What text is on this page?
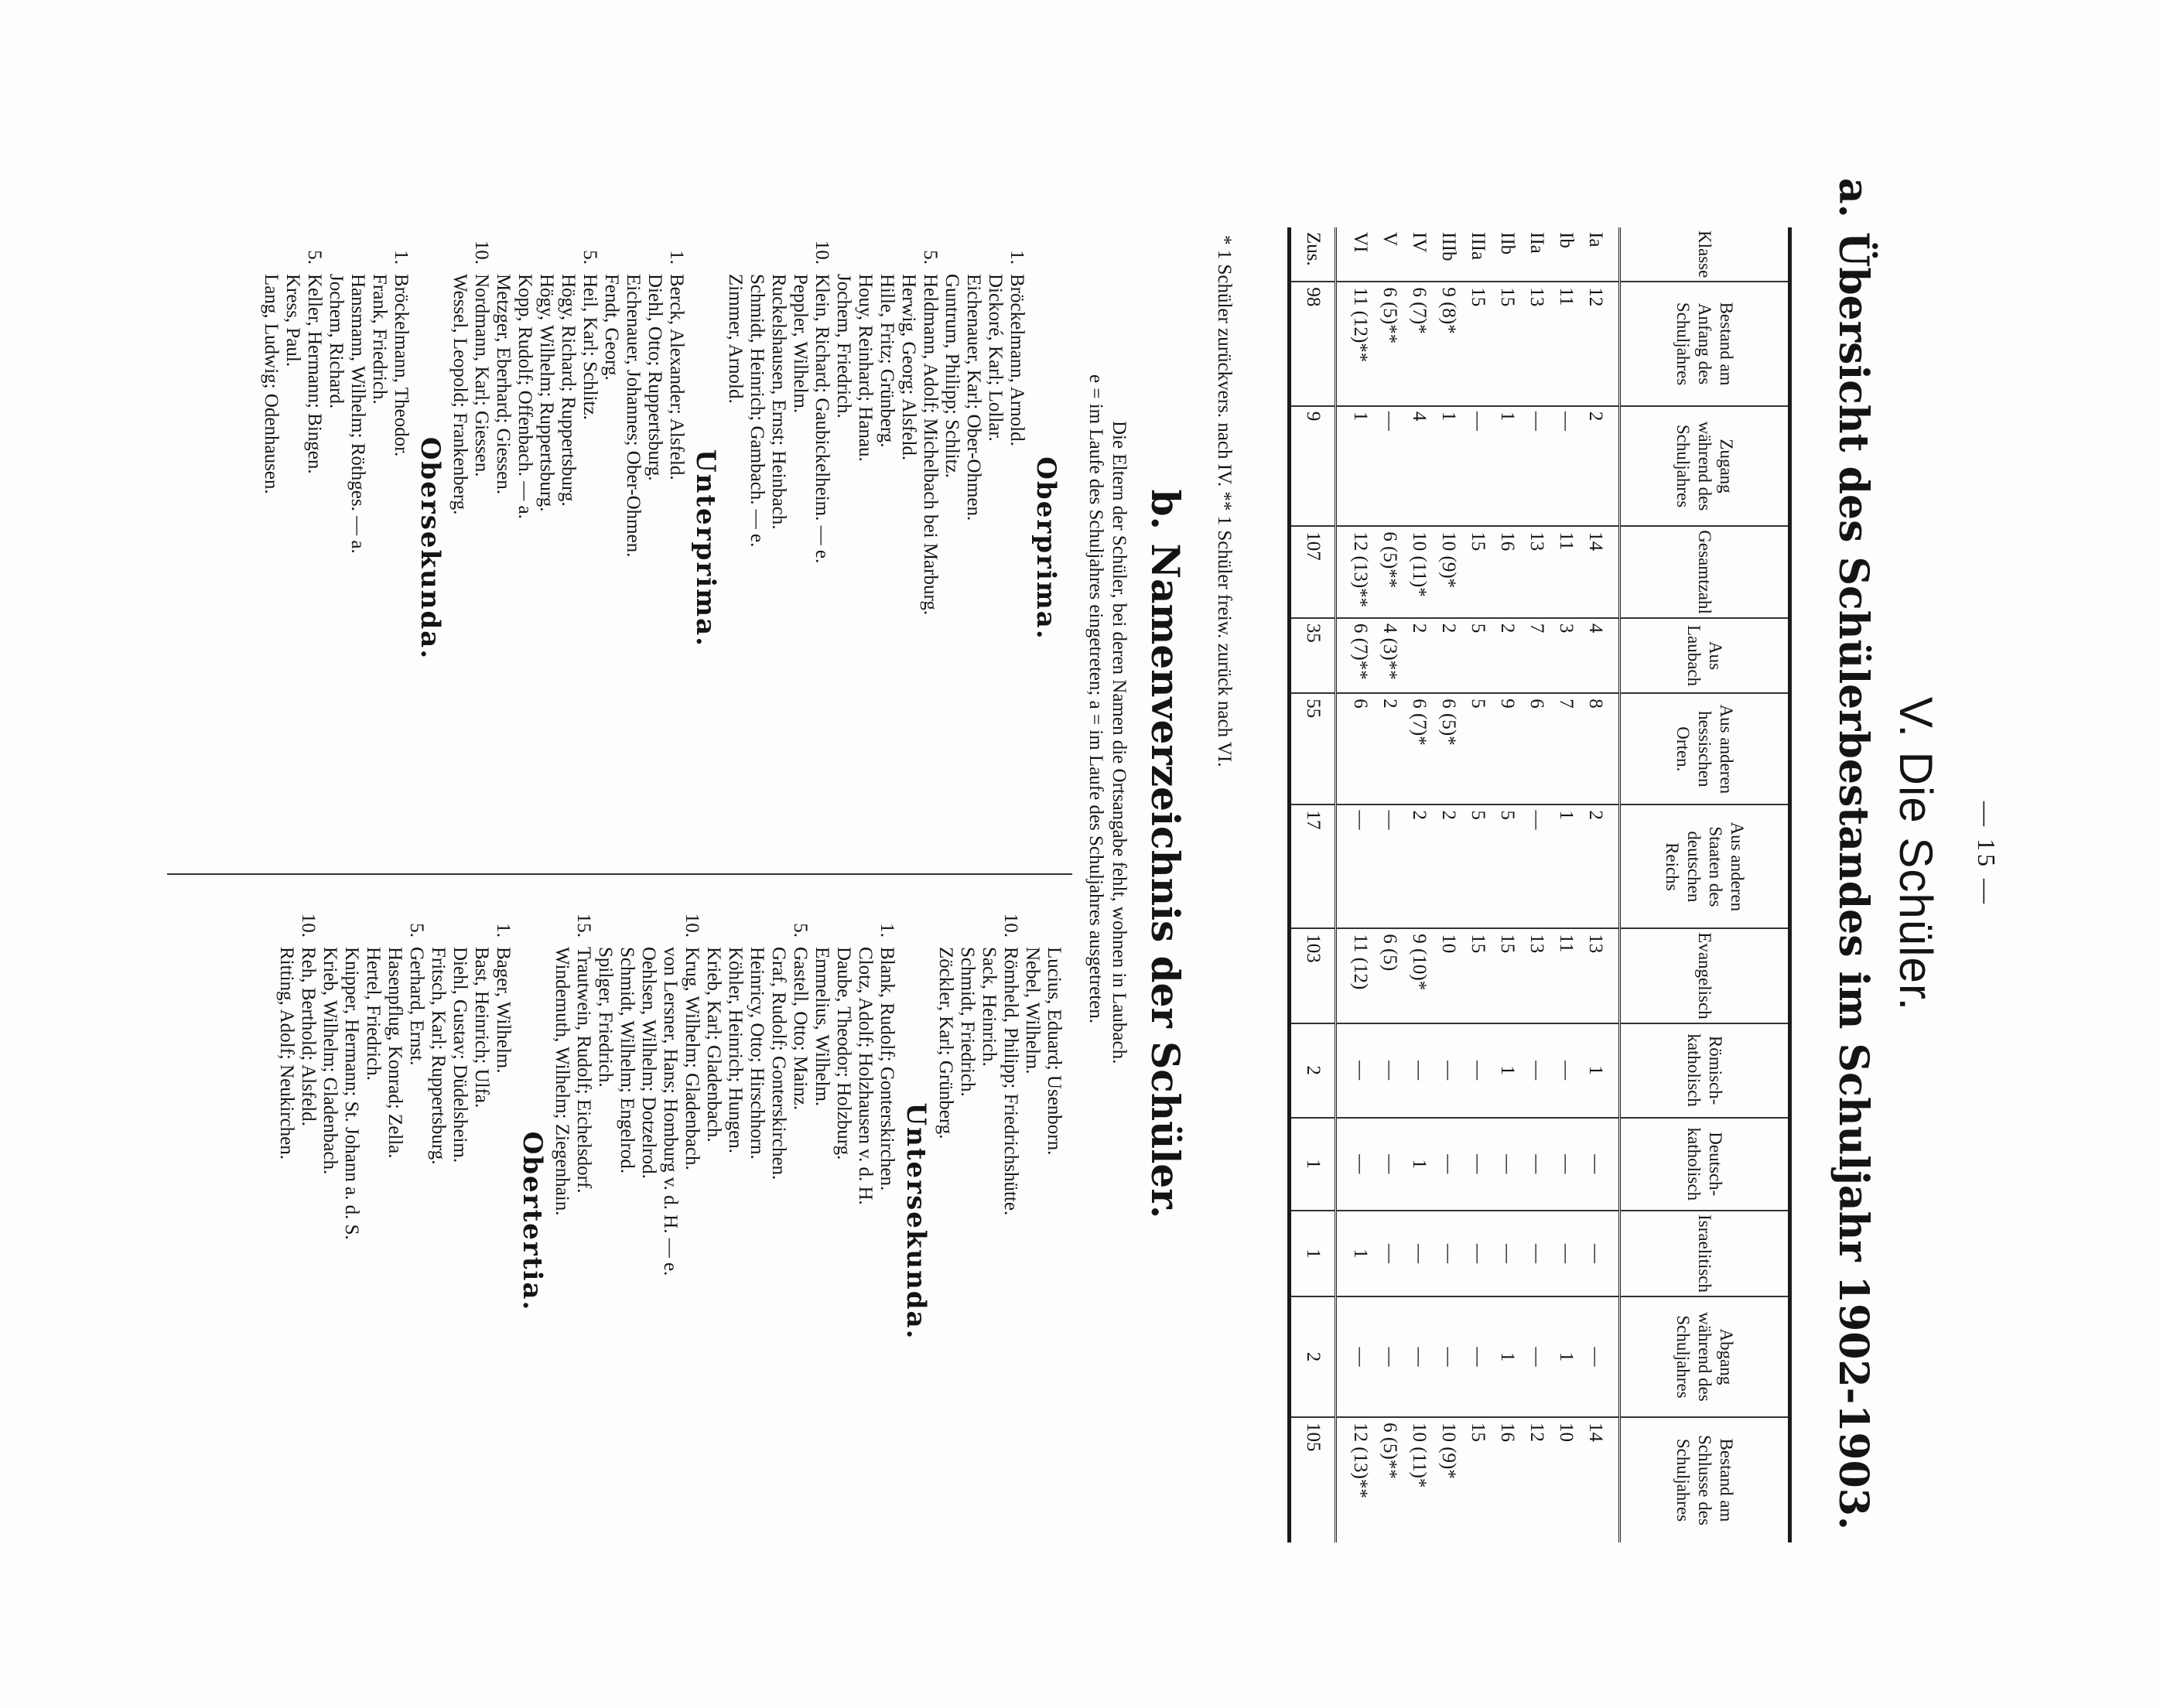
— 15 —
V. Die Schüler.
a. Übersicht des Schülerbestandes im Schuljahr 1902-1903.
Klasse	Bestand am Anfang des Schuljahres	Zugang während des Schuljahres	Gesamtzahl	Aus Laubach	Aus anderen hessischen Orten.	Aus anderen Staaten des deutschen Reichs	Evangelisch	Römisch-katholisch	Deutsch-katholisch	Israelitisch	Abgang während des Schuljahres	Bestand am Schlusse des Schuljahres
Ia	12	2	14	4	8	2	13	1	—	—	—	14
Ib	11	—	11	3	7	1	11	—	—	—	1	10
IIa	13	—	13	7	6	—	13	—	—	—	—	12
IIb	15	1	16	2	9	5	15	1	—	—	1	16
IIIa	15	—	15	5	5	5	15	—	—	—	—	15
IIIb	9 (8)*	1	10 (9)*	2	6 (5)*	2	10	—	—	—	—	10 (9)*
IV	6 (7)*	4	10 (11)*	2	6 (7)*	2	9 (10)*	—	1	—	—	10 (11)*
V	6 (5)**	—	6 (5)**	4 (3)**	2	—	6 (5)	—	—	—	—	6 (5)**
VI	11 (12)**	1	12 (13)**	6 (7)**	6	—	11 (12)	—	—	1	—	12 (13)**
Zus.	98	9	107	35	55	17	103	2	1	1	2	105
* 1 Schüler zurückvers. nach IV. ** 1 Schüler freiw. zurück nach VI.
b. Namenverzeichnis der Schüler.

Die Eltern der Schüler, bei deren Namen die Ortsangabe fehlt, wohnen in Laubach.

e = im Laufe des Schuljahres eingetreten; a = im Laufe des Schuljahres ausgetreten.

Oberprima.
1.
Bröckelmann, Arnold.
Dickoré, Karl; Lollar.
Eichenauer, Karl; Ober-Ohmen.
Guntrum, Philipp; Schlitz.
5.
Heldmann, Adolf; Michelbach bei Marburg.
Herwig, Georg; Alsfeld.
Hille, Fritz; Grünberg.
Houy, Reinhard; Hanau.
Jochem, Friedrich.
10.
Klein, Richard; Gaubickelheim. — e.
Peppler, Wilhelm.
Ruckelshausen, Ernst; Heinbach.
Schmidt, Heinrich; Gambach. — e.
Zimmer, Arnold.
Unterprima.
1.
Berck, Alexander; Alsfeld.
Diehl, Otto; Ruppertsburg.
Eichenauer, Johannes; Ober-Ohmen.
Fendt, Georg.
5.
Heil, Karl; Schlitz.
Högy, Richard; Ruppertsburg.
Högy, Wilhelm; Ruppertsburg.
Kopp, Rudolf; Offenbach. — a.
Metzger, Eberhard; Giessen.
10.
Nordmann, Karl; Giessen.
Wessel, Leopold; Frankenberg.
Obersekunda.
1.
Bröckelmann, Theodor.
Frank, Friedrich.
Hansmann, Wilhelm; Röthges. — a.
Jochem, Richard.
5.
Keller, Hermann; Bingen.
Kress, Paul.
Lang, Ludwig; Odenhausen.
Lucius, Eduard; Usenborn.
Nebel, Wilhelm.
10.
Römheld, Philipp; Friedrichshütte.
Sack, Heinrich.
Schmidt, Friedrich.
Zöckler, Karl; Grünberg.
Untersekunda.
1.
Blank, Rudolf; Gonterskirchen.
Clotz, Adolf; Holzhausen v. d. H.
Daube, Theodor; Holzburg.
Emmelius, Wilhelm.
5.
Gastell, Otto; Mainz.
Graf, Rudolf; Gonterskirchen.
Heinricy, Otto; Hirschhorn.
Köhler, Heinrich; Hungen.
Krieb, Karl; Gladenbach.
10.
Krug, Wilhelm; Gladenbach.
von Lersner, Hans; Homburg v. d. H. — e.
Oehlsen, Wilhelm; Dotzelrod.
Schmidt, Wilhelm; Engelrod.
Spilger, Friedrich.
15.
Trautwein, Rudolf; Eichelsdorf.
Windemuth, Wilhelm; Ziegenhain.
Obertertia.
1.
Bager, Wilhelm.
Bast, Heinrich; Ulfa.
Diehl, Gustav; Düdelsheim.
Fritsch, Karl; Ruppertsburg.
5.
Gerhard, Ernst.
Hasenpflug, Konrad; Zella.
Hertel, Friedrich.
Knipper, Hermann; St. Johann a. d. S.
Krieb, Wilhelm; Gladenbach.
10.
Reh, Berthold; Alsfeld.
Ritting, Adolf; Neukirchen.
